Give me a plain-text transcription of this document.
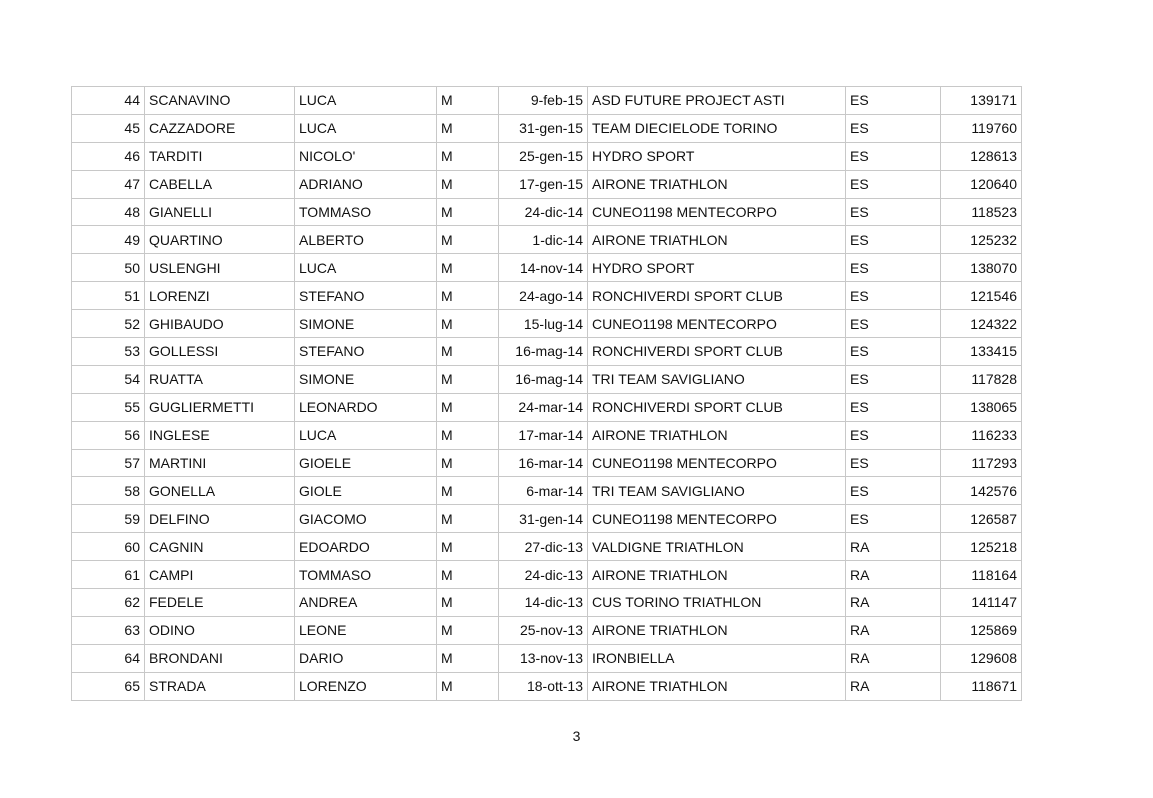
44	SCANAVINO	LUCA	M	9-feb-15	ASD FUTURE PROJECT ASTI	ES	139171
45	CAZZADORE	LUCA	M	31-gen-15	TEAM DIECIELODE TORINO	ES	119760
46	TARDITI	NICOLO'	M	25-gen-15	HYDRO SPORT	ES	128613
47	CABELLA	ADRIANO	M	17-gen-15	AIRONE TRIATHLON	ES	120640
48	GIANELLI	TOMMASO	M	24-dic-14	CUNEO1198 MENTECORPO	ES	118523
49	QUARTINO	ALBERTO	M	1-dic-14	AIRONE TRIATHLON	ES	125232
50	USLENGHI	LUCA	M	14-nov-14	HYDRO SPORT	ES	138070
51	LORENZI	STEFANO	M	24-ago-14	RONCHIVERDI SPORT CLUB	ES	121546
52	GHIBAUDO	SIMONE	M	15-lug-14	CUNEO1198 MENTECORPO	ES	124322
53	GOLLESSI	STEFANO	M	16-mag-14	RONCHIVERDI SPORT CLUB	ES	133415
54	RUATTA	SIMONE	M	16-mag-14	TRI TEAM SAVIGLIANO	ES	117828
55	GUGLIERMETTI	LEONARDO	M	24-mar-14	RONCHIVERDI SPORT CLUB	ES	138065
56	INGLESE	LUCA	M	17-mar-14	AIRONE TRIATHLON	ES	116233
57	MARTINI	GIOELE	M	16-mar-14	CUNEO1198 MENTECORPO	ES	117293
58	GONELLA	GIOLE	M	6-mar-14	TRI TEAM SAVIGLIANO	ES	142576
59	DELFINO	GIACOMO	M	31-gen-14	CUNEO1198 MENTECORPO	ES	126587
60	CAGNIN	EDOARDO	M	27-dic-13	VALDIGNE TRIATHLON	RA	125218
61	CAMPI	TOMMASO	M	24-dic-13	AIRONE TRIATHLON	RA	118164
62	FEDELE	ANDREA	M	14-dic-13	CUS TORINO TRIATHLON	RA	141147
63	ODINO	LEONE	M	25-nov-13	AIRONE TRIATHLON	RA	125869
64	BRONDANI	DARIO	M	13-nov-13	IRONBIELLA	RA	129608
65	STRADA	LORENZO	M	18-ott-13	AIRONE TRIATHLON	RA	118671
3
